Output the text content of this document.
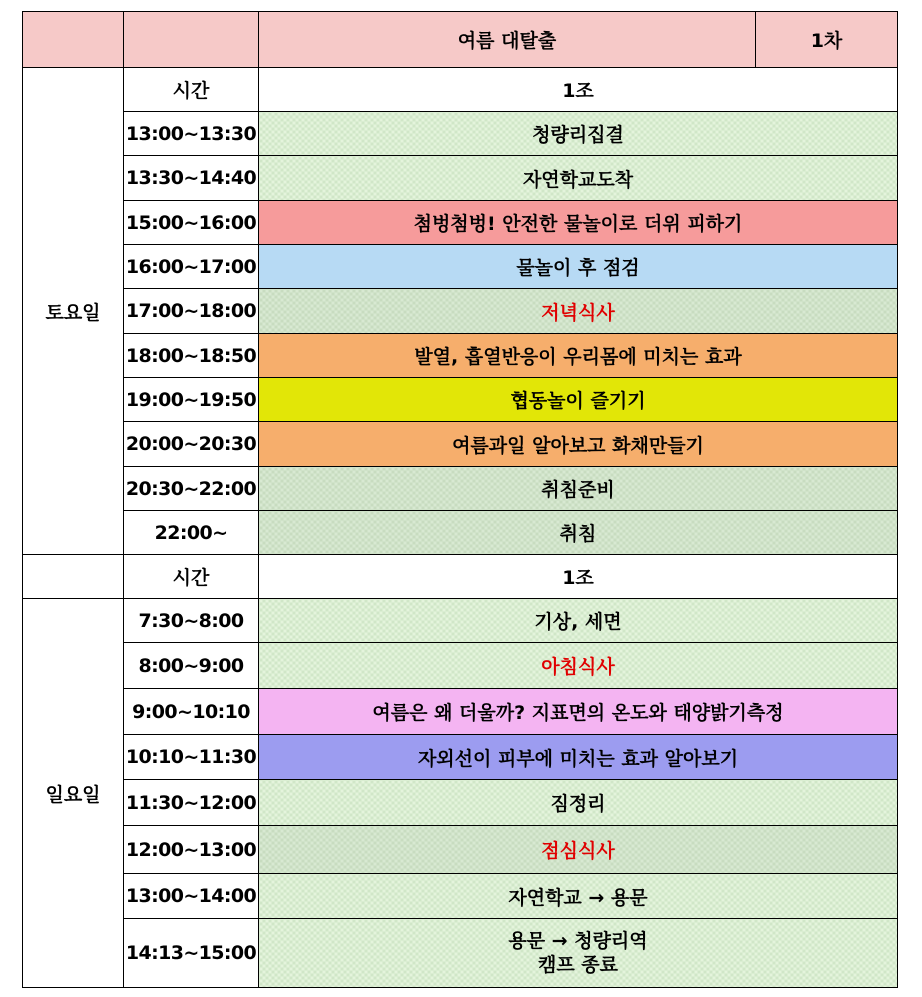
		여름 대탈출	1차
토요일	시간	1조	
	13:00~13:30	청량리집결	
	13:30~14:40	자연학교도착	
	15:00~16:00	첨벙첨벙! 안전한 물놀이로 더위 피하기	
	16:00~17:00	물놀이 후 점검	
	17:00~18:00	저녁식사	
	18:00~18:50	발열, 흡열반응이 우리몸에 미치는 효과	
	19:00~19:50	협동놀이 즐기기	
	20:00~20:30	여름과일 알아보고 화채만들기	
	20:30~22:00	취침준비	
	22:00~	취침	
	시간	1조	
일요일	7:30~8:00	기상, 세면	
	8:00~9:00	아침식사	
	9:00~10:10	여름은 왜 더울까? 지표면의 온도와 태양밝기측정	
	10:10~11:30	자외선이 피부에 미치는 효과 알아보기	
	11:30~12:00	짐정리	
	12:00~13:00	점심식사	
	13:00~14:00	자연학교 → 용문	
	14:13~15:00	용문 → 청량리역
캠프 종료	
